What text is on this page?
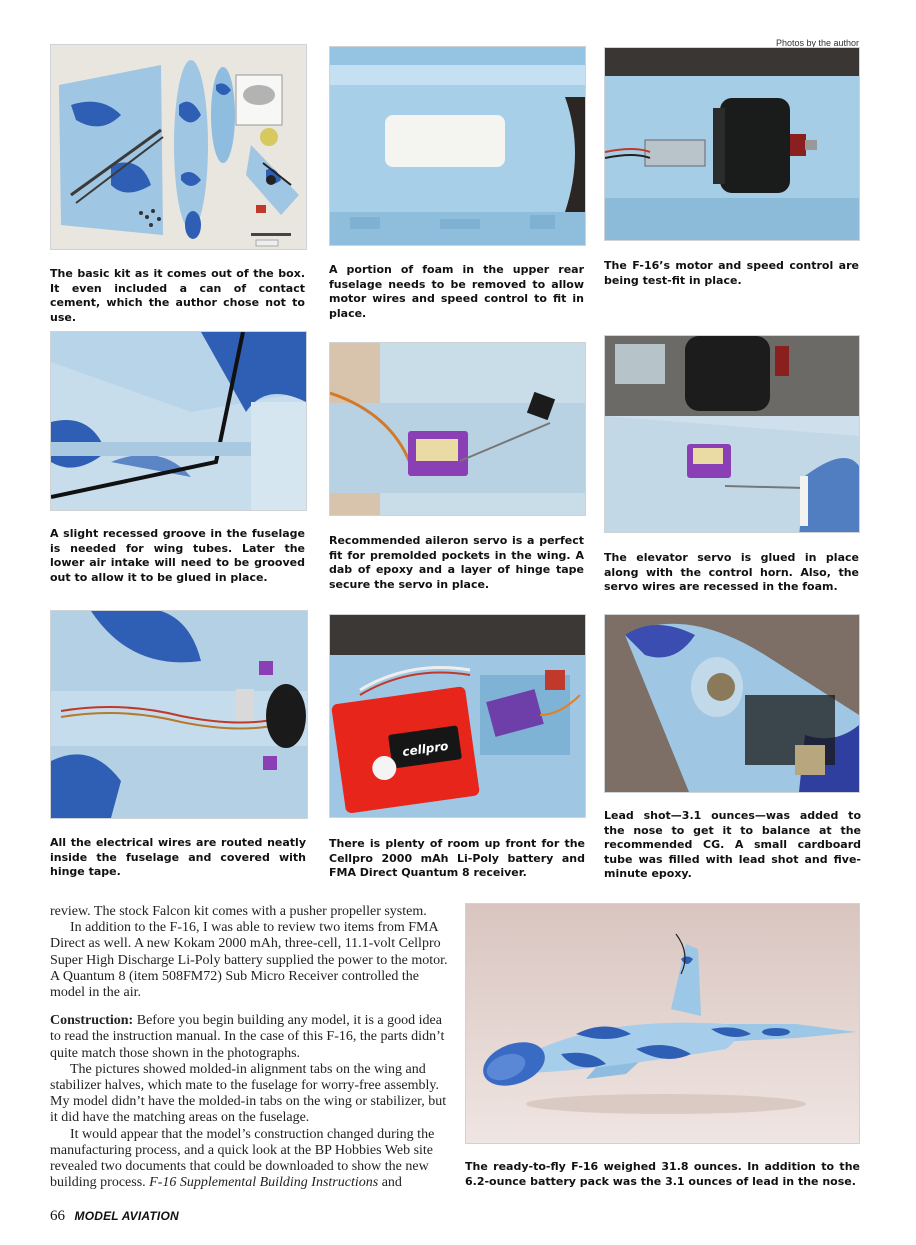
Photos by the author
The basic kit as it comes out of the box. It even included a can of contact cement, which the author chose not to use.
A portion of foam in the upper rear fuselage needs to be removed to allow motor wires and speed control to fit in place.
The F-16’s motor and speed control are being test-fit in place.
A slight recessed groove in the fuselage is needed for wing tubes. Later the lower air intake will need to be grooved out to allow it to be glued in place.
Recommended aileron servo is a perfect fit for premolded pockets in the wing. A dab of epoxy and a layer of hinge tape secure the servo in place.
The elevator servo is glued in place along with the control horn. Also, the servo wires are recessed in the foam.
All the electrical wires are routed neatly inside the fuselage and covered with hinge tape.
cellpro
There is plenty of room up front for the Cellpro 2000 mAh Li-Poly battery and FMA Direct Quantum 8 receiver.
Lead shot—3.1 ounces—was added to the nose to get it to balance at the recommended CG. A small cardboard tube was filled with lead shot and five-minute epoxy.

review. The stock Falcon kit comes with a pusher propeller system.

In addition to the F-16, I was able to review two items from FMA Direct as well. A new Kokam 2000 mAh, three-cell, 11.1-volt Cellpro Super High Discharge Li-Poly battery supplied the power to the motor. A Quantum 8 (item 508FM72) Sub Micro Receiver controlled the model in the air.

Construction: Before you begin building any model, it is a good idea to read the instruction manual. In the case of this F-16, the parts didn’t quite match those shown in the photographs.

The pictures showed molded-in alignment tabs on the wing and stabilizer halves, which mate to the fuselage for worry-free assembly. My model didn’t have the molded-in tabs on the wing or stabilizer, but it did have the matching areas on the fuselage.

It would appear that the model’s construction changed during the manufacturing process, and a quick look at the BP Hobbies Web site revealed two documents that could be downloaded to show the new building process. F-16 Supplemental Building Instructions and

The ready-to-fly F-16 weighed 31.8 ounces. In addition to the 6.2-ounce battery pack was the 3.1 ounces of lead in the nose.
66 MODEL AVIATION
